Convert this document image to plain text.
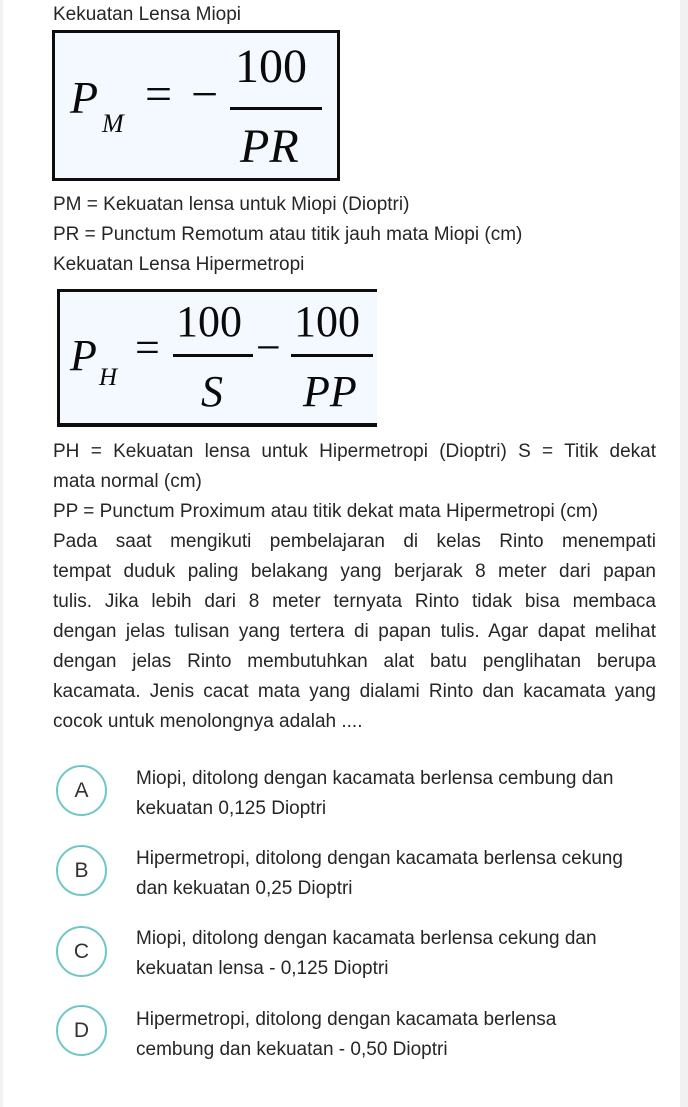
Kekuatan Lensa Miopi
P
M
= −
100
PR
PM = Kekuatan lensa untuk Miopi (Dioptri)
PR = Punctum Remotum atau titik jauh mata Miopi (cm)
Kekuatan Lensa Hipermetropi
P H
=
100
S
−
100
PP
PH = Kekuatan lensa untuk Hipermetropi (Dioptri) S = Titik dekat
mata normal (cm)
PP = Punctum Proximum atau titik dekat mata Hipermetropi (cm)
Pada saat mengikuti pembelajaran di kelas Rinto menempati
tempat duduk paling belakang yang berjarak 8 meter dari papan
tulis. Jika lebih dari 8 meter ternyata Rinto tidak bisa membaca
dengan jelas tulisan yang tertera di papan tulis. Agar dapat melihat
dengan jelas Rinto membutuhkan alat batu penglihatan berupa
kacamata. Jenis cacat mata yang dialami Rinto dan kacamata yang
cocok untuk menolongnya adalah ....
A
Miopi, ditolong dengan kacamata berlensa cembung dan
kekuatan 0,125 Dioptri
B
Hipermetropi, ditolong dengan kacamata berlensa cekung
dan kekuatan 0,25 Dioptri
C
Miopi, ditolong dengan kacamata berlensa cekung dan
kekuatan lensa - 0,125 Dioptri
D	Hipermetropi, ditolong dengan kacamata berlensa
cembung dan kekuatan - 0,50 Dioptri
